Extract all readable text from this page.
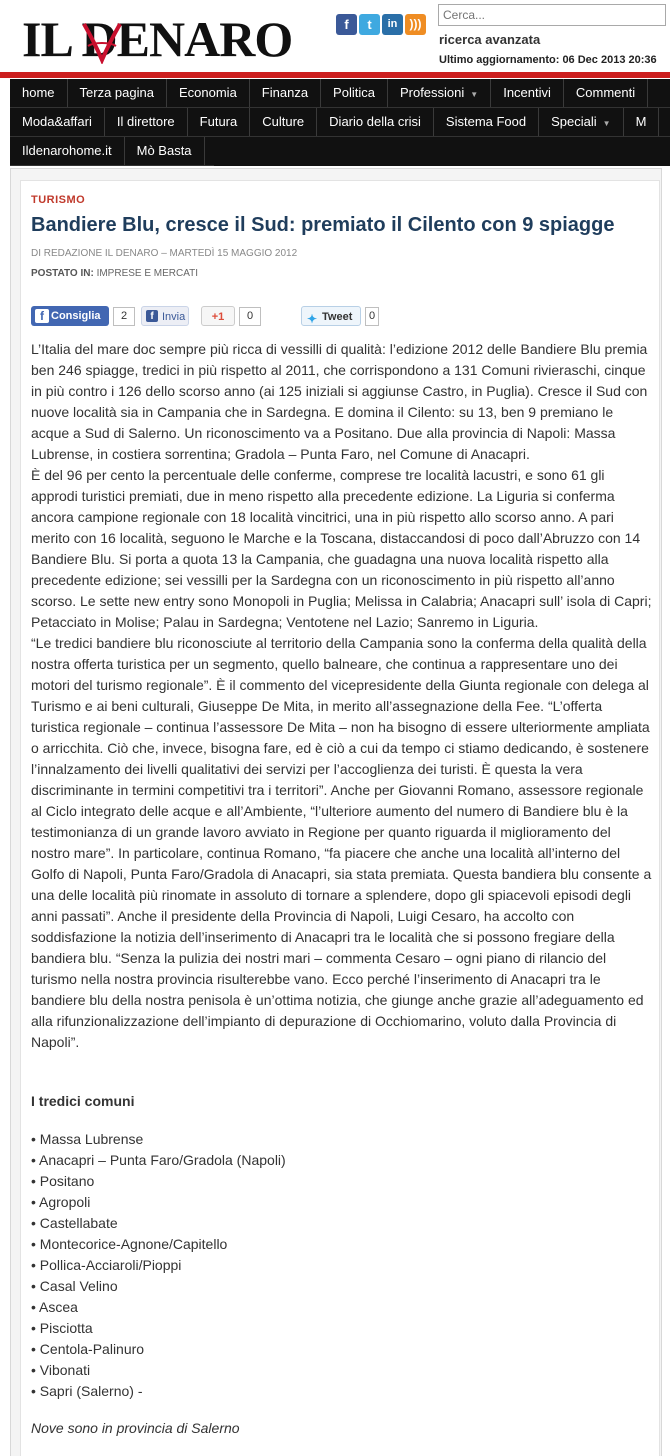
IL DENARO	f	t	in	)))
Cerca...
ricerca avanzata
Ultimo aggiornamento: 06 Dec 2013 20:36
home	Terza pagina	Economia	Finanza	Politica	Professioni ▼	Incentivi	Commenti
Moda&affari	Il direttore	Futura	Culture	Diario della crisi	Sistema Food	Speciali ▼	M
Ildenarohome.it	Mò Basta
TURISMO
Bandiere Blu, cresce il Sud: premiato il Cilento con 9 spiagge
DI REDAZIONE IL DENARO – MARTEDÌ 15 MAGGIO 2012
POSTATO IN: IMPRESE E MERCATI
f Consiglia	2	f Invia	+1	0	✦ Tweet	0

L’Italia del mare doc sempre più ricca di vessilli di qualità: l’edizione 2012 delle Bandiere Blu premia ben 246 spiagge, tredici in più rispetto al 2011, che corrispondono a 131 Comuni rivieraschi, cinque in più contro i 126 dello scorso anno (ai 125 iniziali si aggiunse Castro, in Puglia). Cresce il Sud con nuove località sia in Campania che in Sardegna. E domina il Cilento: su 13, ben 9 premiano le acque a Sud di Salerno. Un riconoscimento va a Positano. Due alla provincia di Napoli: Massa Lubrense, in costiera sorrentina; Gradola – Punta Faro, nel Comune di Anacapri.

È del 96 per cento la percentuale delle conferme, comprese tre località lacustri, e sono 61 gli approdi turistici premiati, due in meno rispetto alla precedente edizione. La Liguria si conferma ancora campione regionale con 18 località vincitrici, una in più rispetto allo scorso anno. A pari merito con 16 località, seguono le Marche e la Toscana, distaccandosi di poco dall’Abruzzo con 14 Bandiere Blu. Si porta a quota 13 la Campania, che guadagna una nuova località rispetto alla precedente edizione; sei vessilli per la Sardegna con un riconoscimento in più rispetto all’anno scorso. Le sette new entry sono Monopoli in Puglia; Melissa in Calabria; Anacapri sull’ isola di Capri; Petacciato in Molise; Palau in Sardegna; Ventotene nel Lazio; Sanremo in Liguria.

“Le tredici bandiere blu riconosciute al territorio della Campania sono la conferma della qualità della nostra offerta turistica per un segmento, quello balneare, che continua a rappresentare uno dei motori del turismo regionale”. È il commento del vicepresidente della Giunta regionale con delega al Turismo e ai beni culturali, Giuseppe De Mita, in merito all’assegnazione della Fee. “L’offerta turistica regionale – continua l’assessore De Mita – non ha bisogno di essere ulteriormente ampliata o arricchita. Ciò che, invece, bisogna fare, ed è ciò a cui da tempo ci stiamo dedicando, è sostenere l’innalzamento dei livelli qualitativi dei servizi per l’accoglienza dei turisti. È questa la vera discriminante in termini competitivi tra i territori”. Anche per Giovanni Romano, assessore regionale al Ciclo integrato delle acque e all’Ambiente, “l’ulteriore aumento del numero di Bandiere blu è la testimonianza di un grande lavoro avviato in Regione per quanto riguarda il miglioramento del nostro mare”. In particolare, continua Romano, “fa piacere che anche una località all’interno del Golfo di Napoli, Punta Faro/Gradola di Anacapri, sia stata premiata. Questa bandiera blu consente a una delle località più rinomate in assoluto di tornare a splendere, dopo gli spiacevoli episodi degli anni passati”. Anche il presidente della Provincia di Napoli, Luigi Cesaro, ha accolto con soddisfazione la notizia dell’inserimento di Anacapri tra le località che si possono fregiare della bandiera blu. “Senza la pulizia dei nostri mari – commenta Cesaro – ogni piano di rilancio del turismo nella nostra provincia risulterebbe vano. Ecco perché l’inserimento di Anacapri tra le bandiere blu della nostra penisola è un’ottima notizia, che giunge anche grazie all’adeguamento ed alla rifunzionalizzazione dell’impianto di depurazione di Occhiomarino, voluto dalla Provincia di Napoli”.

I tredici comuni
• Massa Lubrense
• Anacapri – Punta Faro/Gradola (Napoli)
• Positano
• Agropoli
• Castellabate
• Montecorice-Agnone/Capitello
• Pollica-Acciaroli/Pioppi
• Casal Velino
• Ascea
• Pisciotta
• Centola-Palinuro
• Vibonati
• Sapri (Salerno) -
Nove sono in provincia di Salerno
